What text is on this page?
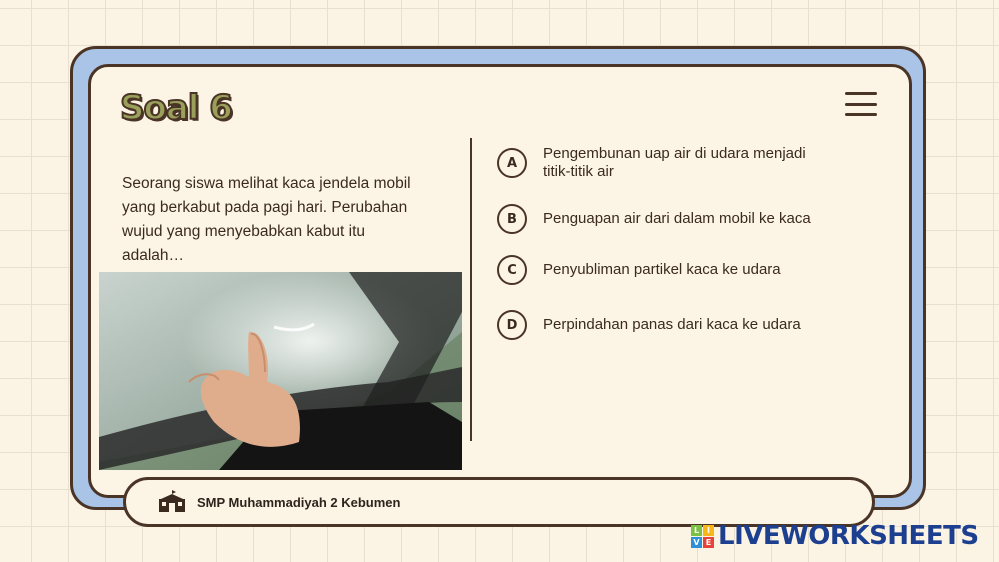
Soal 6
Seorang siswa melihat kaca jendela mobil yang berkabut pada pagi hari. Perubahan wujud yang menyebabkan kabut itu adalah…
A
Pengembunan uap air di udara menjadi titik-titik air
B	Penguapan air dari dalam mobil ke kaca
C	Penyubliman partikel kaca ke udara
D	Perpindahan panas dari kaca ke udara
SMP Muhammadiyah 2 Kebumen
L I
V E LIVEWORKSHEETS
